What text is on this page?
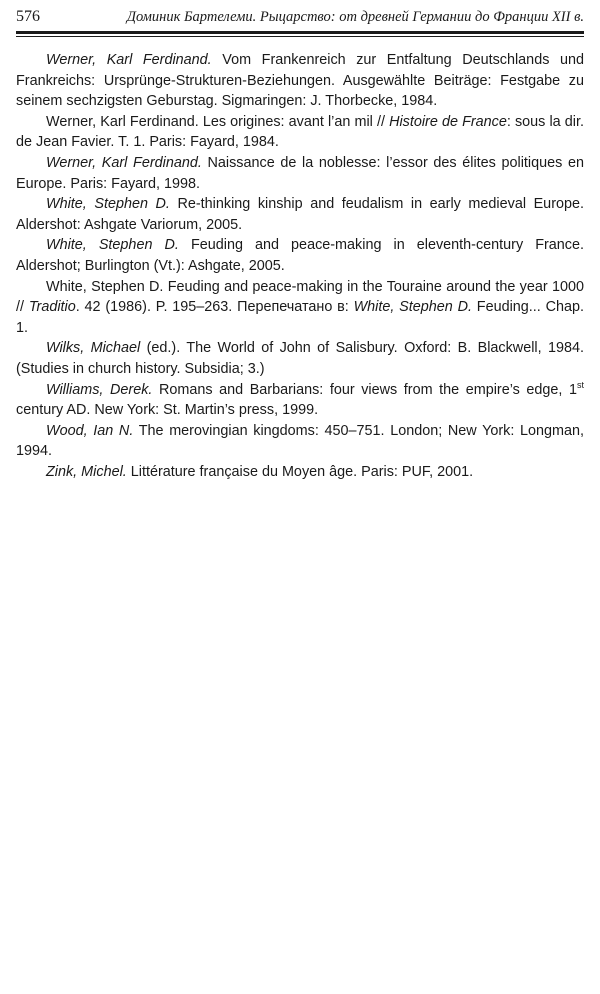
576	Доминик Бартелеми. Рыцарство: от древней Германии до Франции XII в.

Werner, Karl Ferdinand. Vom Frankenreich zur Entfaltung Deutschlands und Frankreichs: Ursprünge-Strukturen-Beziehungen. Ausgewählte Beiträge: Festgabe zu seinem sechzigsten Geburstag. Sigmaringen: J. Thorbecke, 1984.

Werner, Karl Ferdinand. Les origines: avant l’an mil // Histoire de France: sous la dir. de Jean Favier. T. 1. Paris: Fayard, 1984.

Werner, Karl Ferdinand. Naissance de la noblesse: l’essor des élites politiques en Europe. Paris: Fayard, 1998.

White, Stephen D. Re-thinking kinship and feudalism in early medieval Europe. Aldershot: Ashgate Variorum, 2005.

White, Stephen D. Feuding and peace-making in eleventh-century France. Aldershot; Burlington (Vt.): Ashgate, 2005.

White, Stephen D. Feuding and peace-making in the Touraine around the year 1000 // Traditio. 42 (1986). P. 195–263. Перепечатано в: White, Stephen D. Feuding... Chap. 1.

Wilks, Michael (ed.). The World of John of Salisbury. Oxford: B. Blackwell, 1984. (Studies in church history. Subsidia; 3.)

Williams, Derek. Romans and Barbarians: four views from the empire’s edge, 1st century AD. New York: St. Martin’s press, 1999.

Wood, Ian N. The merovingian kingdoms: 450–751. London; New York: Longman, 1994.

Zink, Michel. Littérature française du Moyen âge. Paris: PUF, 2001.
